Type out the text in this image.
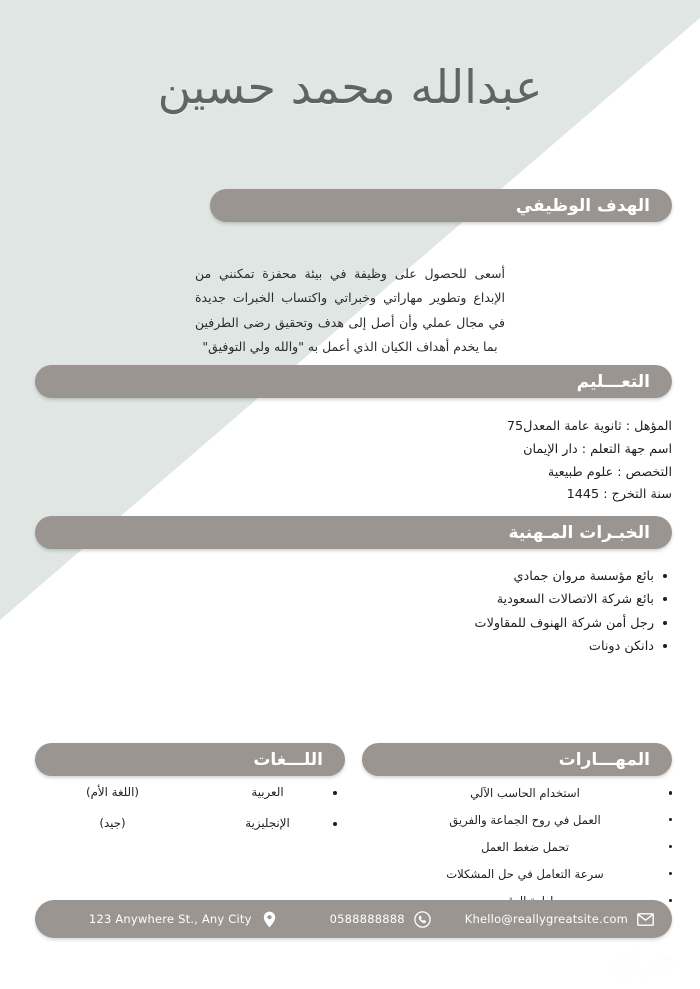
عبدالله محمد حسين
الهدف الوظيفي
أسعى للحصول على وظيفة في بيئة محفزة تمكنني من الإبداع وتطوير مهاراتي وخبراتي واكتساب الخبرات جديدة في مجال عملي وأن أصل إلى هدف وتحقيق رضى الطرفين بما يخدم أهداف الكيان الذي أعمل به "والله ولي التوفيق"
التعـــليم
المؤهل : ثانوية عامة المعدل75
اسم جهة التعلم : دار الإيمان
التخصص : علوم طبيعية
سنة التخرج : 1445
الخبـرات المـهنية
بائع مؤسسة مروان جمادي
بائع شركة الاتصالات السعودية
رجل أمن شركة الهنوف للمقاولات
دانكن دونات
المهـــارات
استخدام الحاسب الآلي
العمل في روح الجماعة والفريق
تحمل ضغط العمل
سرعة التعامل في حل المشكلات
اللـــغات
العربية
(اللغة الأم)
الإنجليزية
(جيد)
Khello@reallygreatsite.com
0588888888
123 Anywhere St., Any City
حراج
